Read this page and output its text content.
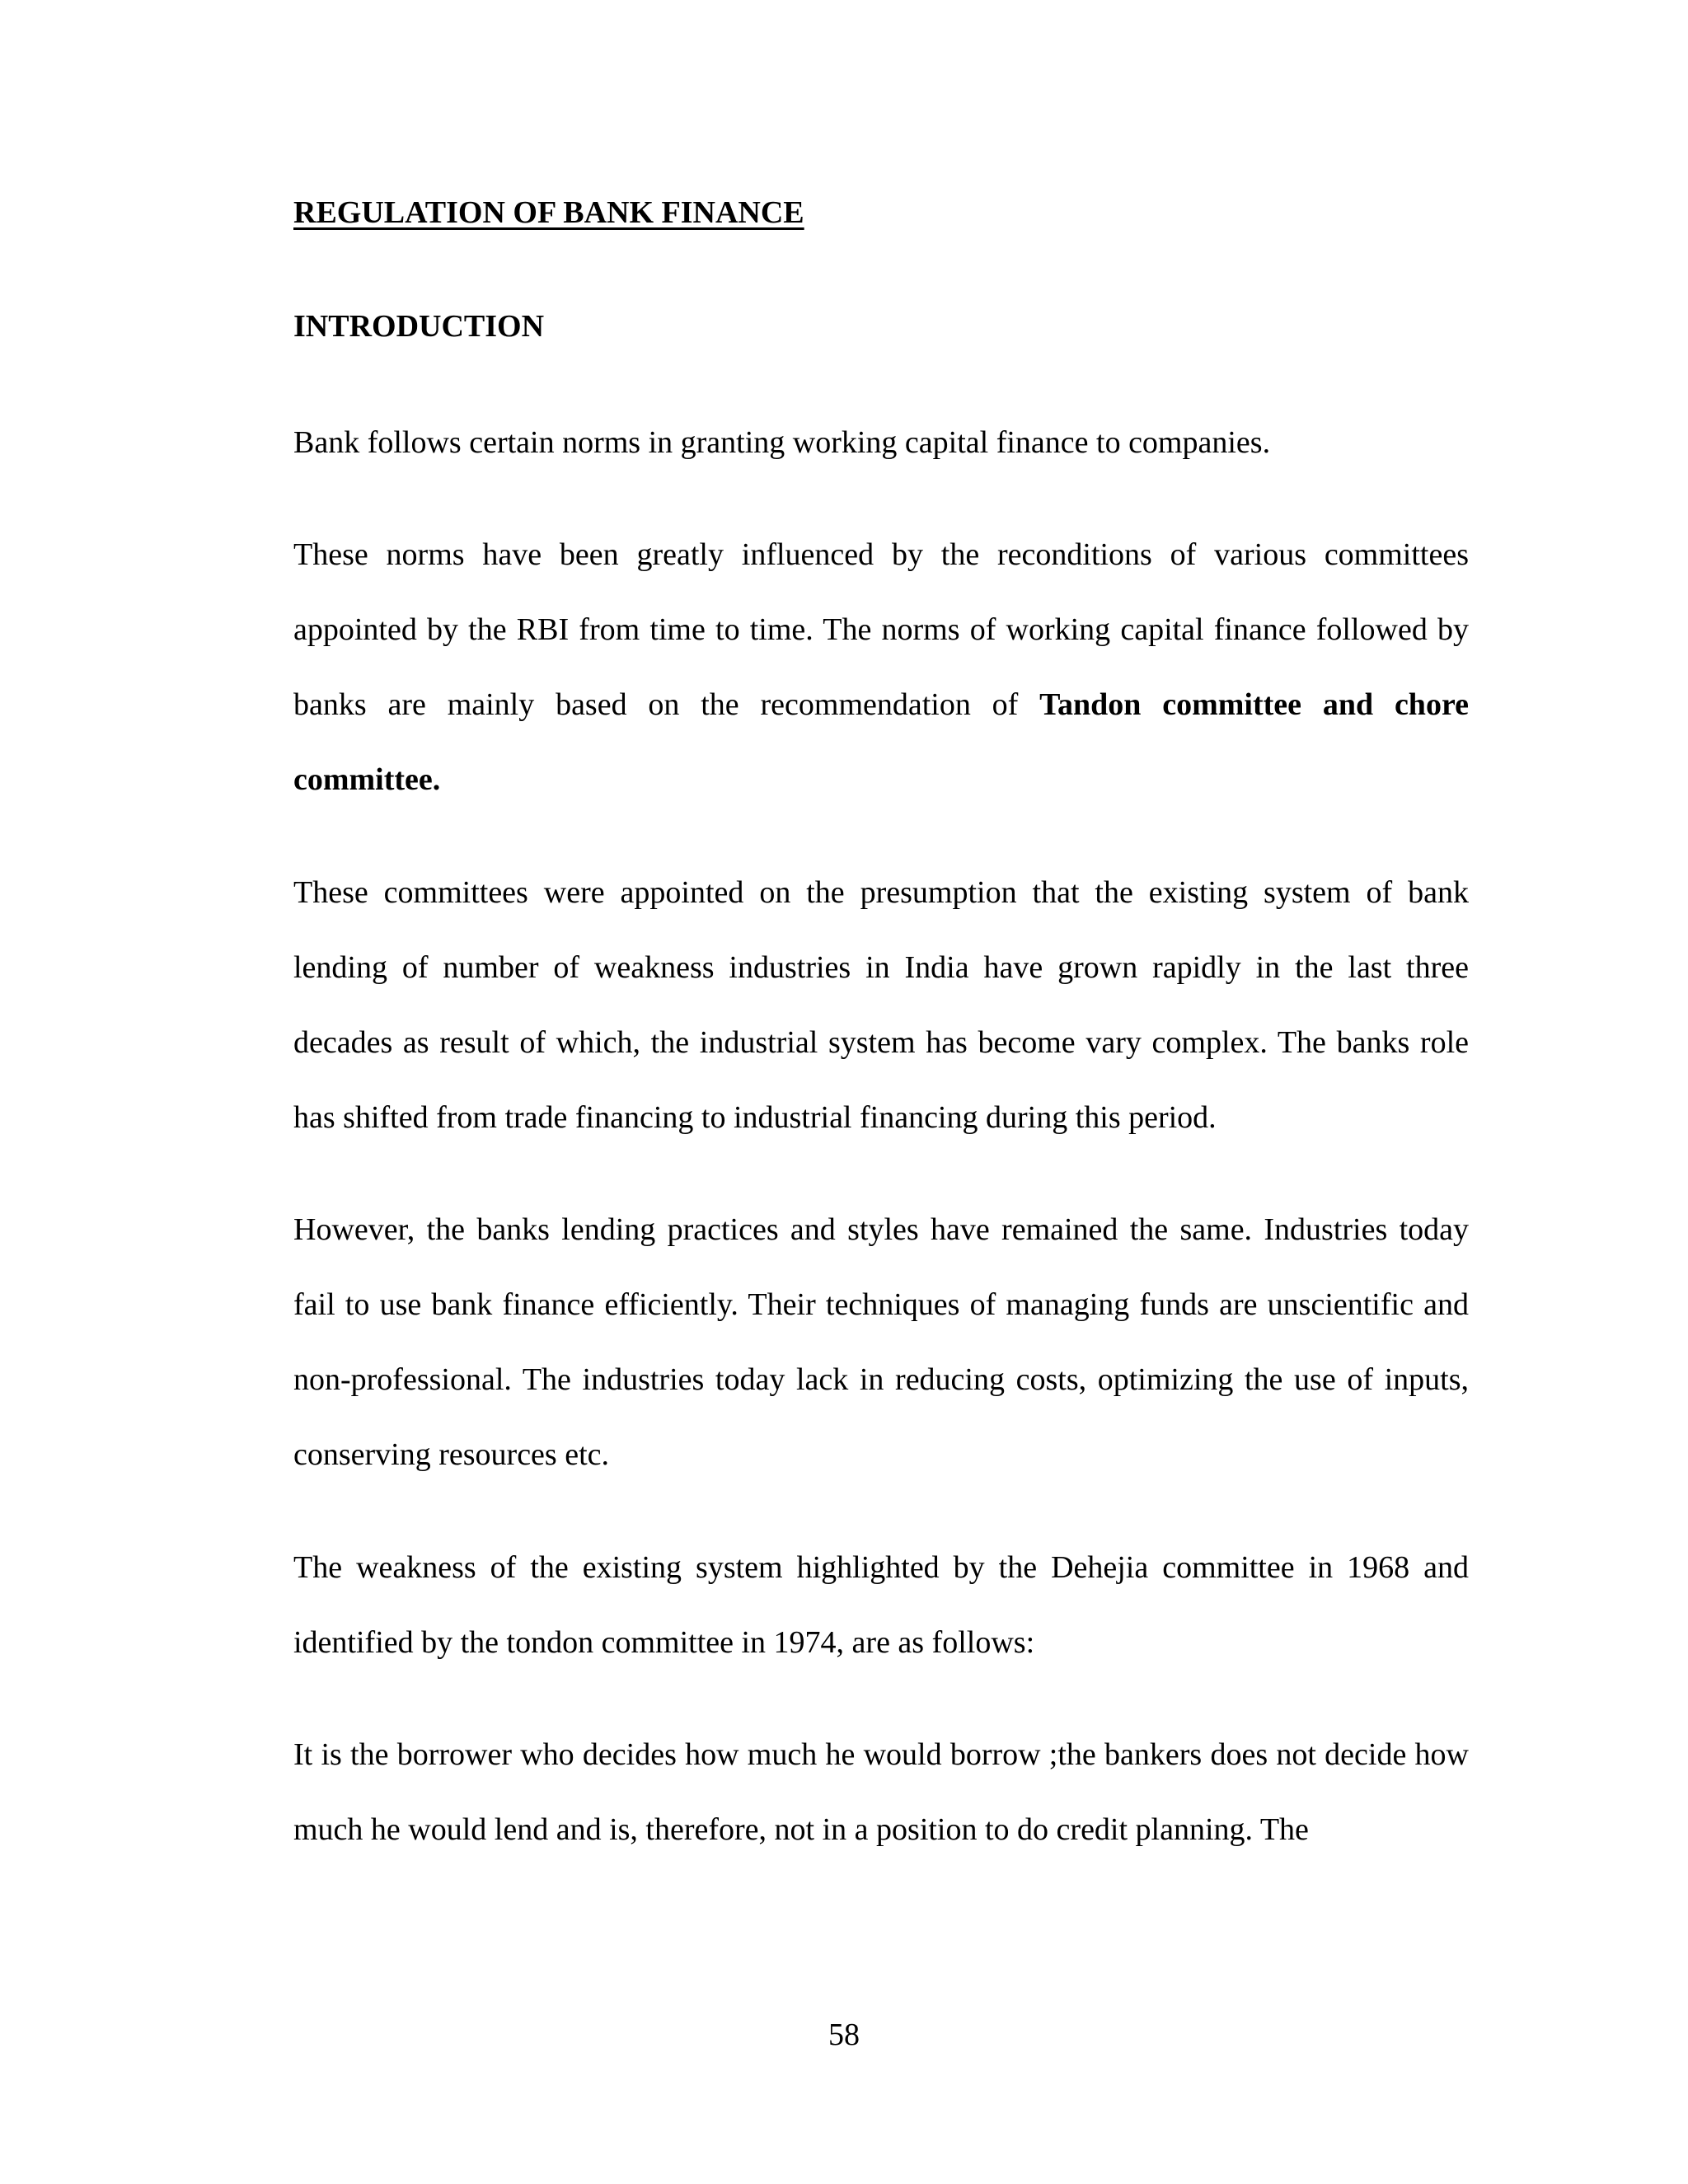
REGULATION OF BANK FINANCE
INTRODUCTION

Bank follows certain norms in granting working capital finance to companies.

These norms have been greatly influenced by the reconditions of various committees appointed by the RBI from time to time. The norms of working capital finance followed by banks are mainly based on the recommendation of Tandon committee and chore committee.

These committees were appointed on the presumption that the existing system of bank lending of number of weakness industries in India have grown rapidly in the last three decades as result of which, the industrial system has become vary complex. The banks role has shifted from trade financing to industrial financing during this period.

However, the banks lending practices and styles have remained the same. Industries today fail to use bank finance efficiently. Their techniques of managing funds are unscientific and non-professional. The industries today lack in reducing costs, optimizing the use of inputs, conserving resources etc.

The weakness of the existing system highlighted by the Dehejia committee in 1968 and identified by the tondon committee in 1974, are as follows:

It is the borrower who decides how much he would borrow ;the bankers does not decide how much he would lend and is, therefore, not in a position to do credit planning. The

58
